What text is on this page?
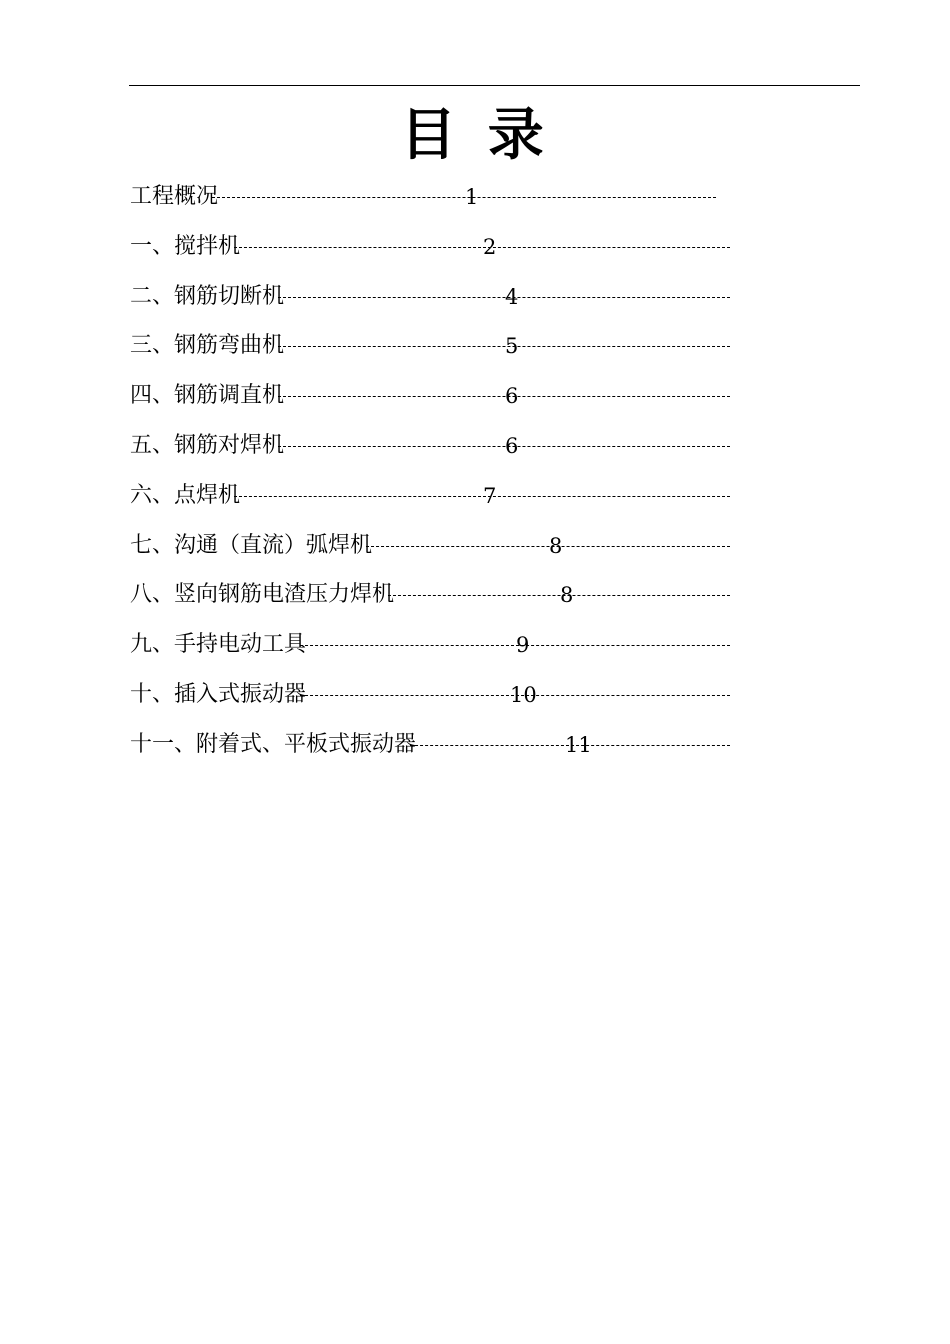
目 录
工程概况	1
一、搅拌机	2
二、钢筋切断机	4
三、钢筋弯曲机	5
四、钢筋调直机	6
五、钢筋对焊机	6
六、点焊机	7
七、沟通（直流）弧焊机	8
八、竖向钢筋电渣压力焊机	8
九、手持电动工具	9
十、插入式振动器	10
十一、附着式、平板式振动器	11
